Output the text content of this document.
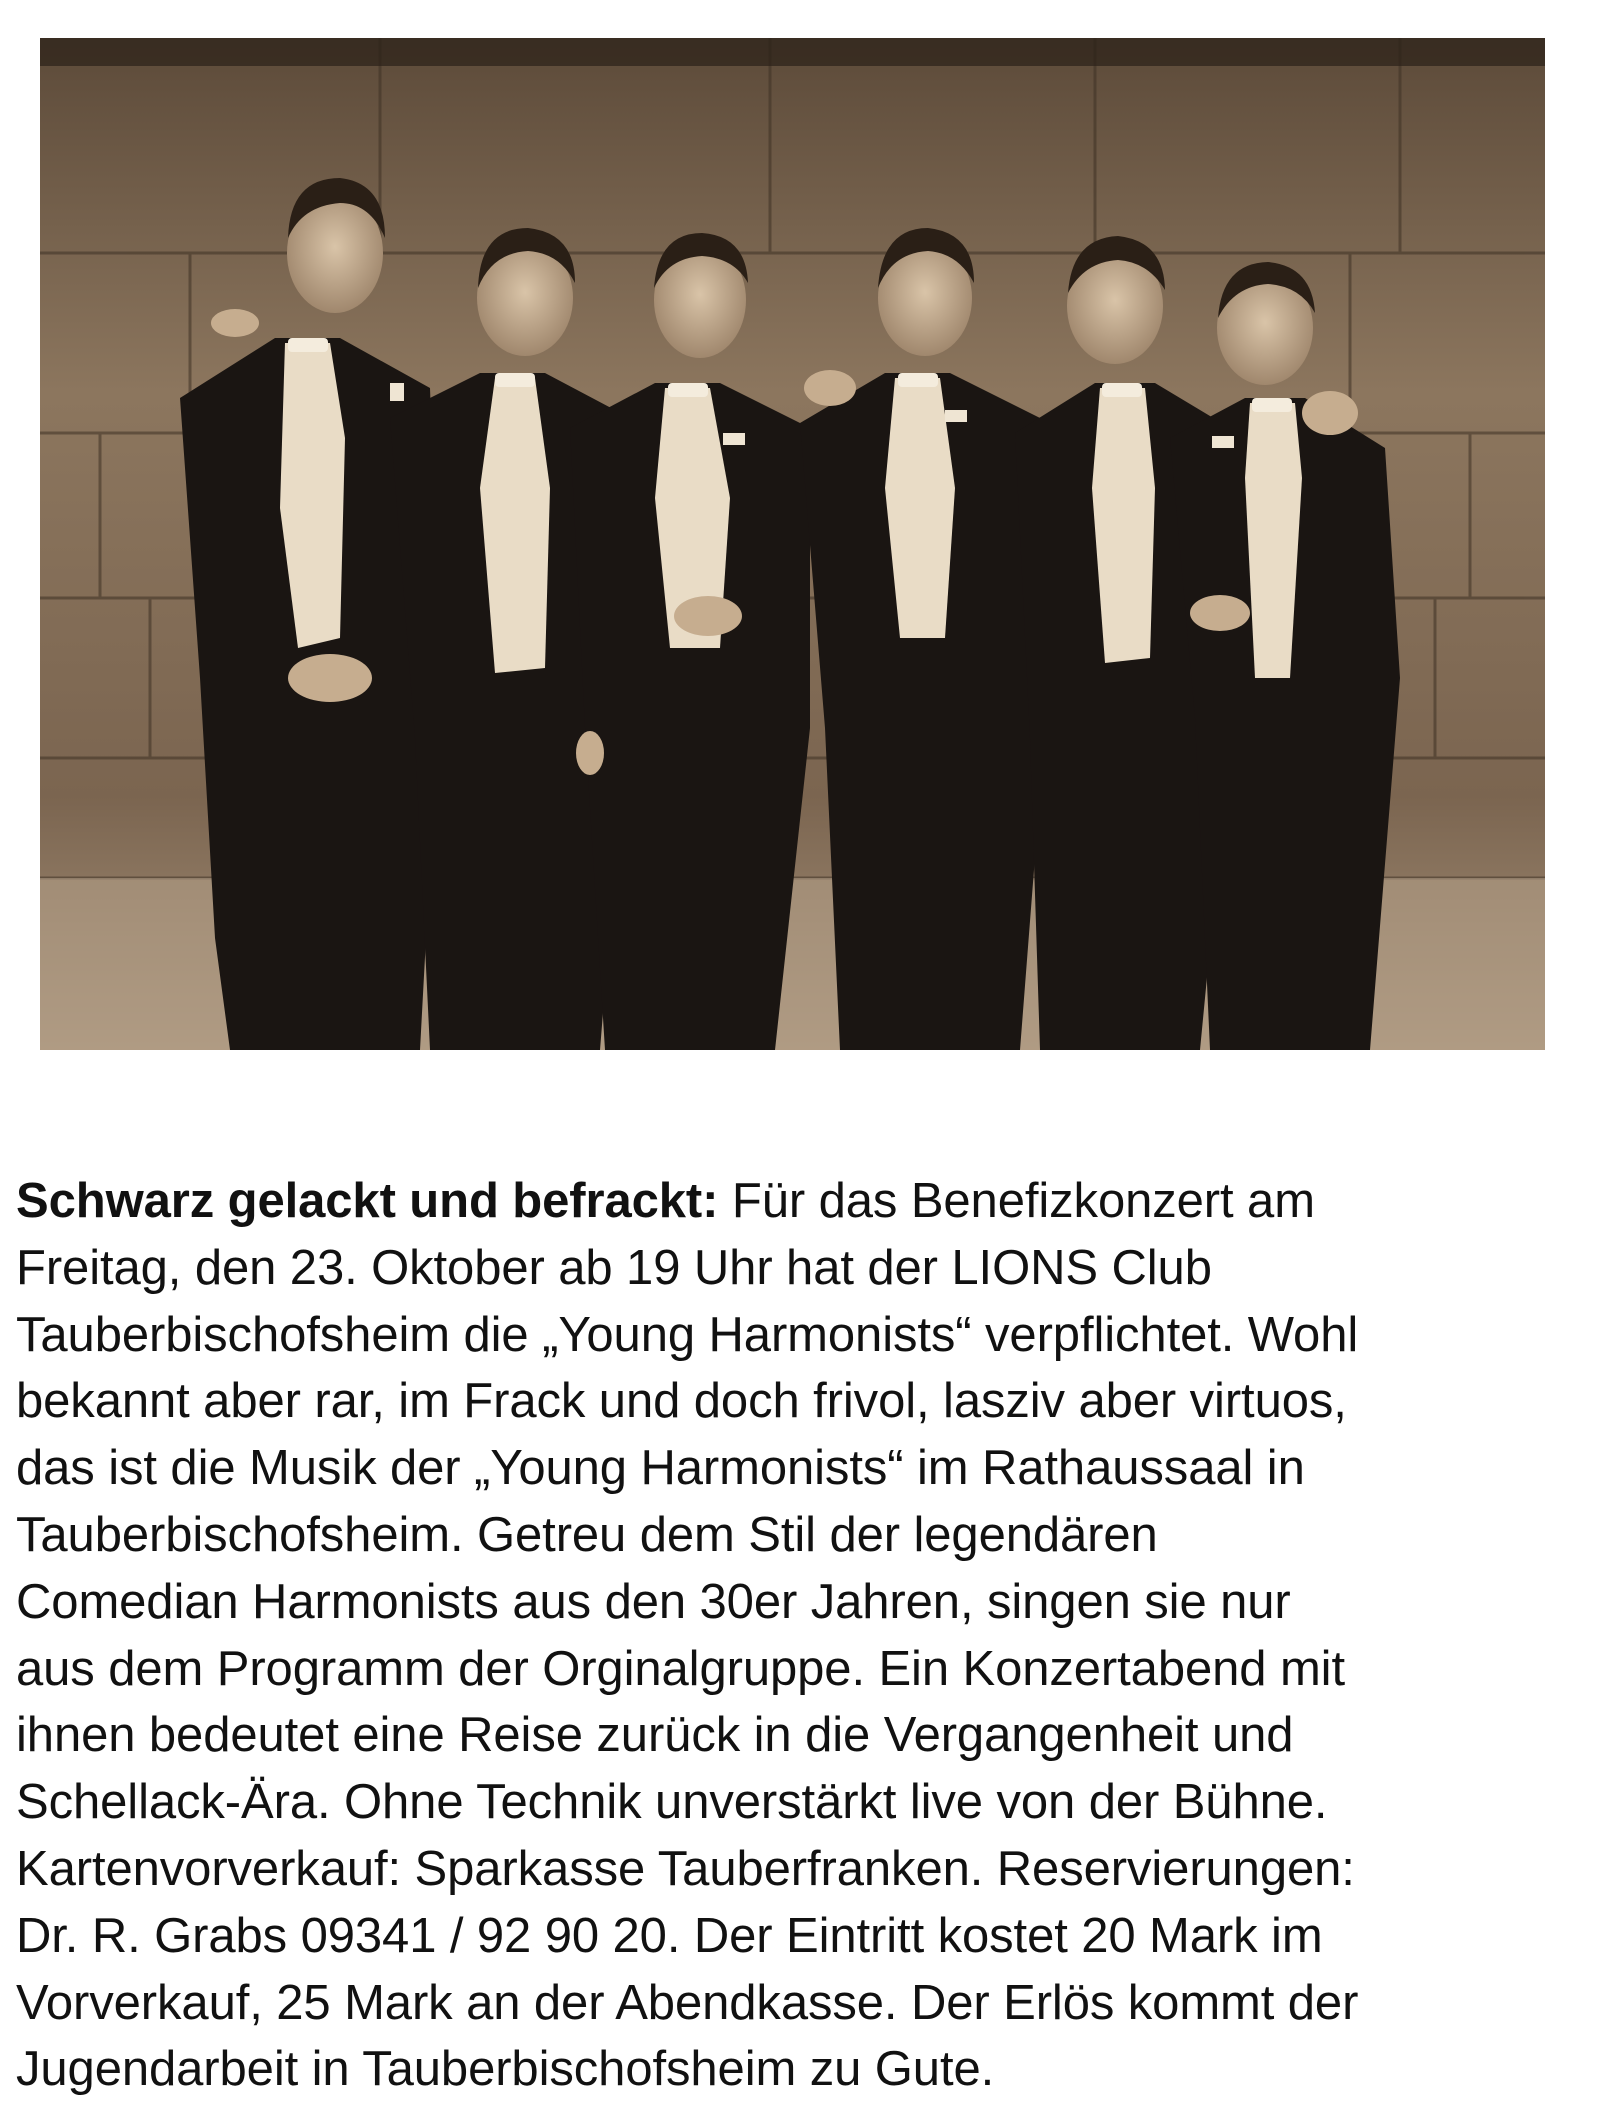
Schwarz gelackt und befrackt: Für das Benefizkonzert am
Freitag, den 23. Oktober ab 19 Uhr hat der LIONS Club
Tauberbischofsheim die „Young Harmonists“ verpflichtet. Wohl
bekannt aber rar, im Frack und doch frivol, lasziv aber virtuos,
das ist die Musik der „Young Harmonists“ im Rathaussaal in
Tauberbischofsheim. Getreu dem Stil der legendären
Comedian Harmonists aus den 30er Jahren, singen sie nur
aus dem Programm der Orginalgruppe. Ein Konzertabend mit
ihnen bedeutet eine Reise zurück in die Vergangenheit und
Schellack-Ära. Ohne Technik unverstärkt live von der Bühne.
Kartenvorverkauf: Sparkasse Tauberfranken. Reservierungen:
Dr. R. Grabs 09341 / 92 90 20. Der Eintritt kostet 20 Mark im
Vorverkauf, 25 Mark an der Abendkasse. Der Erlös kommt der
Jugendarbeit in Tauberbischofsheim zu Gute.
